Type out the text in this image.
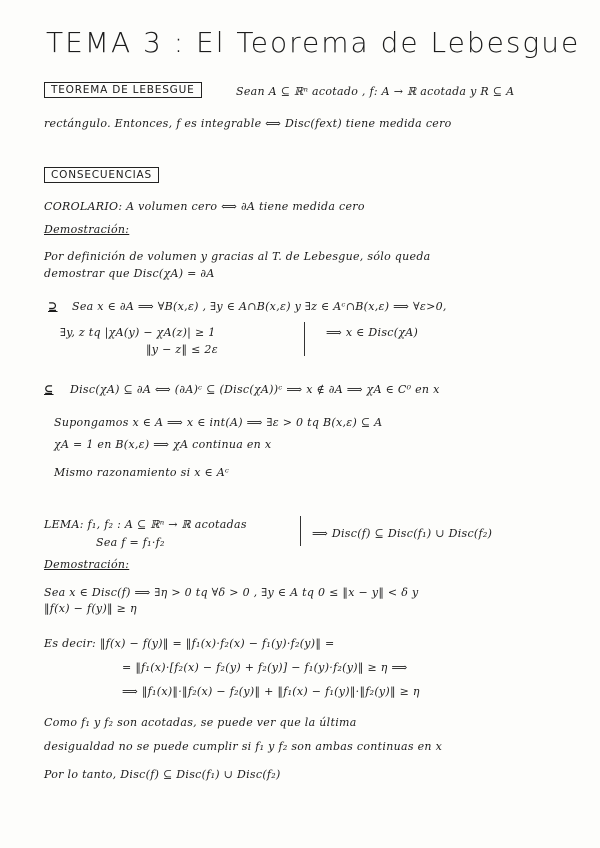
TEMA 3 : El Teorema de Lebesgue
TEOREMA DE LEBESGUE	Sean A ⊆ ℝⁿ acotado , f: A → ℝ acotada y R ⊆ A
rectángulo. Entonces, f es integrable ⟺ Disc(fext) tiene medida cero
CONSECUENCIAS
COROLARIO: A volumen cero ⟺ ∂A tiene medida cero
Demostración:
Por definición de volumen y gracias al T. de Lebesgue, sólo queda
demostrar que Disc(χA) = ∂A
⊇ Sea x ∈ ∂A ⟹ ∀B(x,ε) , ∃y ∈ A∩B(x,ε) y ∃z ∈ Aᶜ∩B(x,ε) ⟹ ∀ε>0,
∃y, z tq |χA(y) − χA(z)| ≥ 1
‖y − z‖ ≤ 2ε
⟹ x ∈ Disc(χA)
⊆ Disc(χA) ⊆ ∂A ⟺ (∂A)ᶜ ⊆ (Disc(χA))ᶜ ⟹ x ∉ ∂A ⟹ χA ∈ C⁰ en x
Supongamos x ∈ A ⟹ x ∈ int(A) ⟹ ∃ε > 0 tq B(x,ε) ⊆ A
χA = 1 en B(x,ε) ⟹ χA continua en x
Mismo razonamiento si x ∈ Aᶜ
LEMA: f₁, f₂ : A ⊆ ℝⁿ → ℝ acotadas
Sea f = f₁·f₂
⟹ Disc(f) ⊆ Disc(f₁) ∪ Disc(f₂)
Demostración:
Sea x ∈ Disc(f) ⟹ ∃η > 0 tq ∀δ > 0 , ∃y ∈ A tq 0 ≤ ‖x − y‖ < δ y
‖f(x) − f(y)‖ ≥ η
Es decir: ‖f(x) − f(y)‖ = ‖f₁(x)·f₂(x) − f₁(y)·f₂(y)‖ =
= ‖f₁(x)·[f₂(x) − f₂(y) + f₂(y)] − f₁(y)·f₂(y)‖ ≥ η ⟹
⟹ ‖f₁(x)‖·‖f₂(x) − f₂(y)‖ + ‖f₁(x) − f₁(y)‖·‖f₂(y)‖ ≥ η
Como f₁ y f₂ son acotadas, se puede ver que la última
desigualdad no se puede cumplir si f₁ y f₂ son ambas continuas en x
Por lo tanto, Disc(f) ⊆ Disc(f₁) ∪ Disc(f₂)
